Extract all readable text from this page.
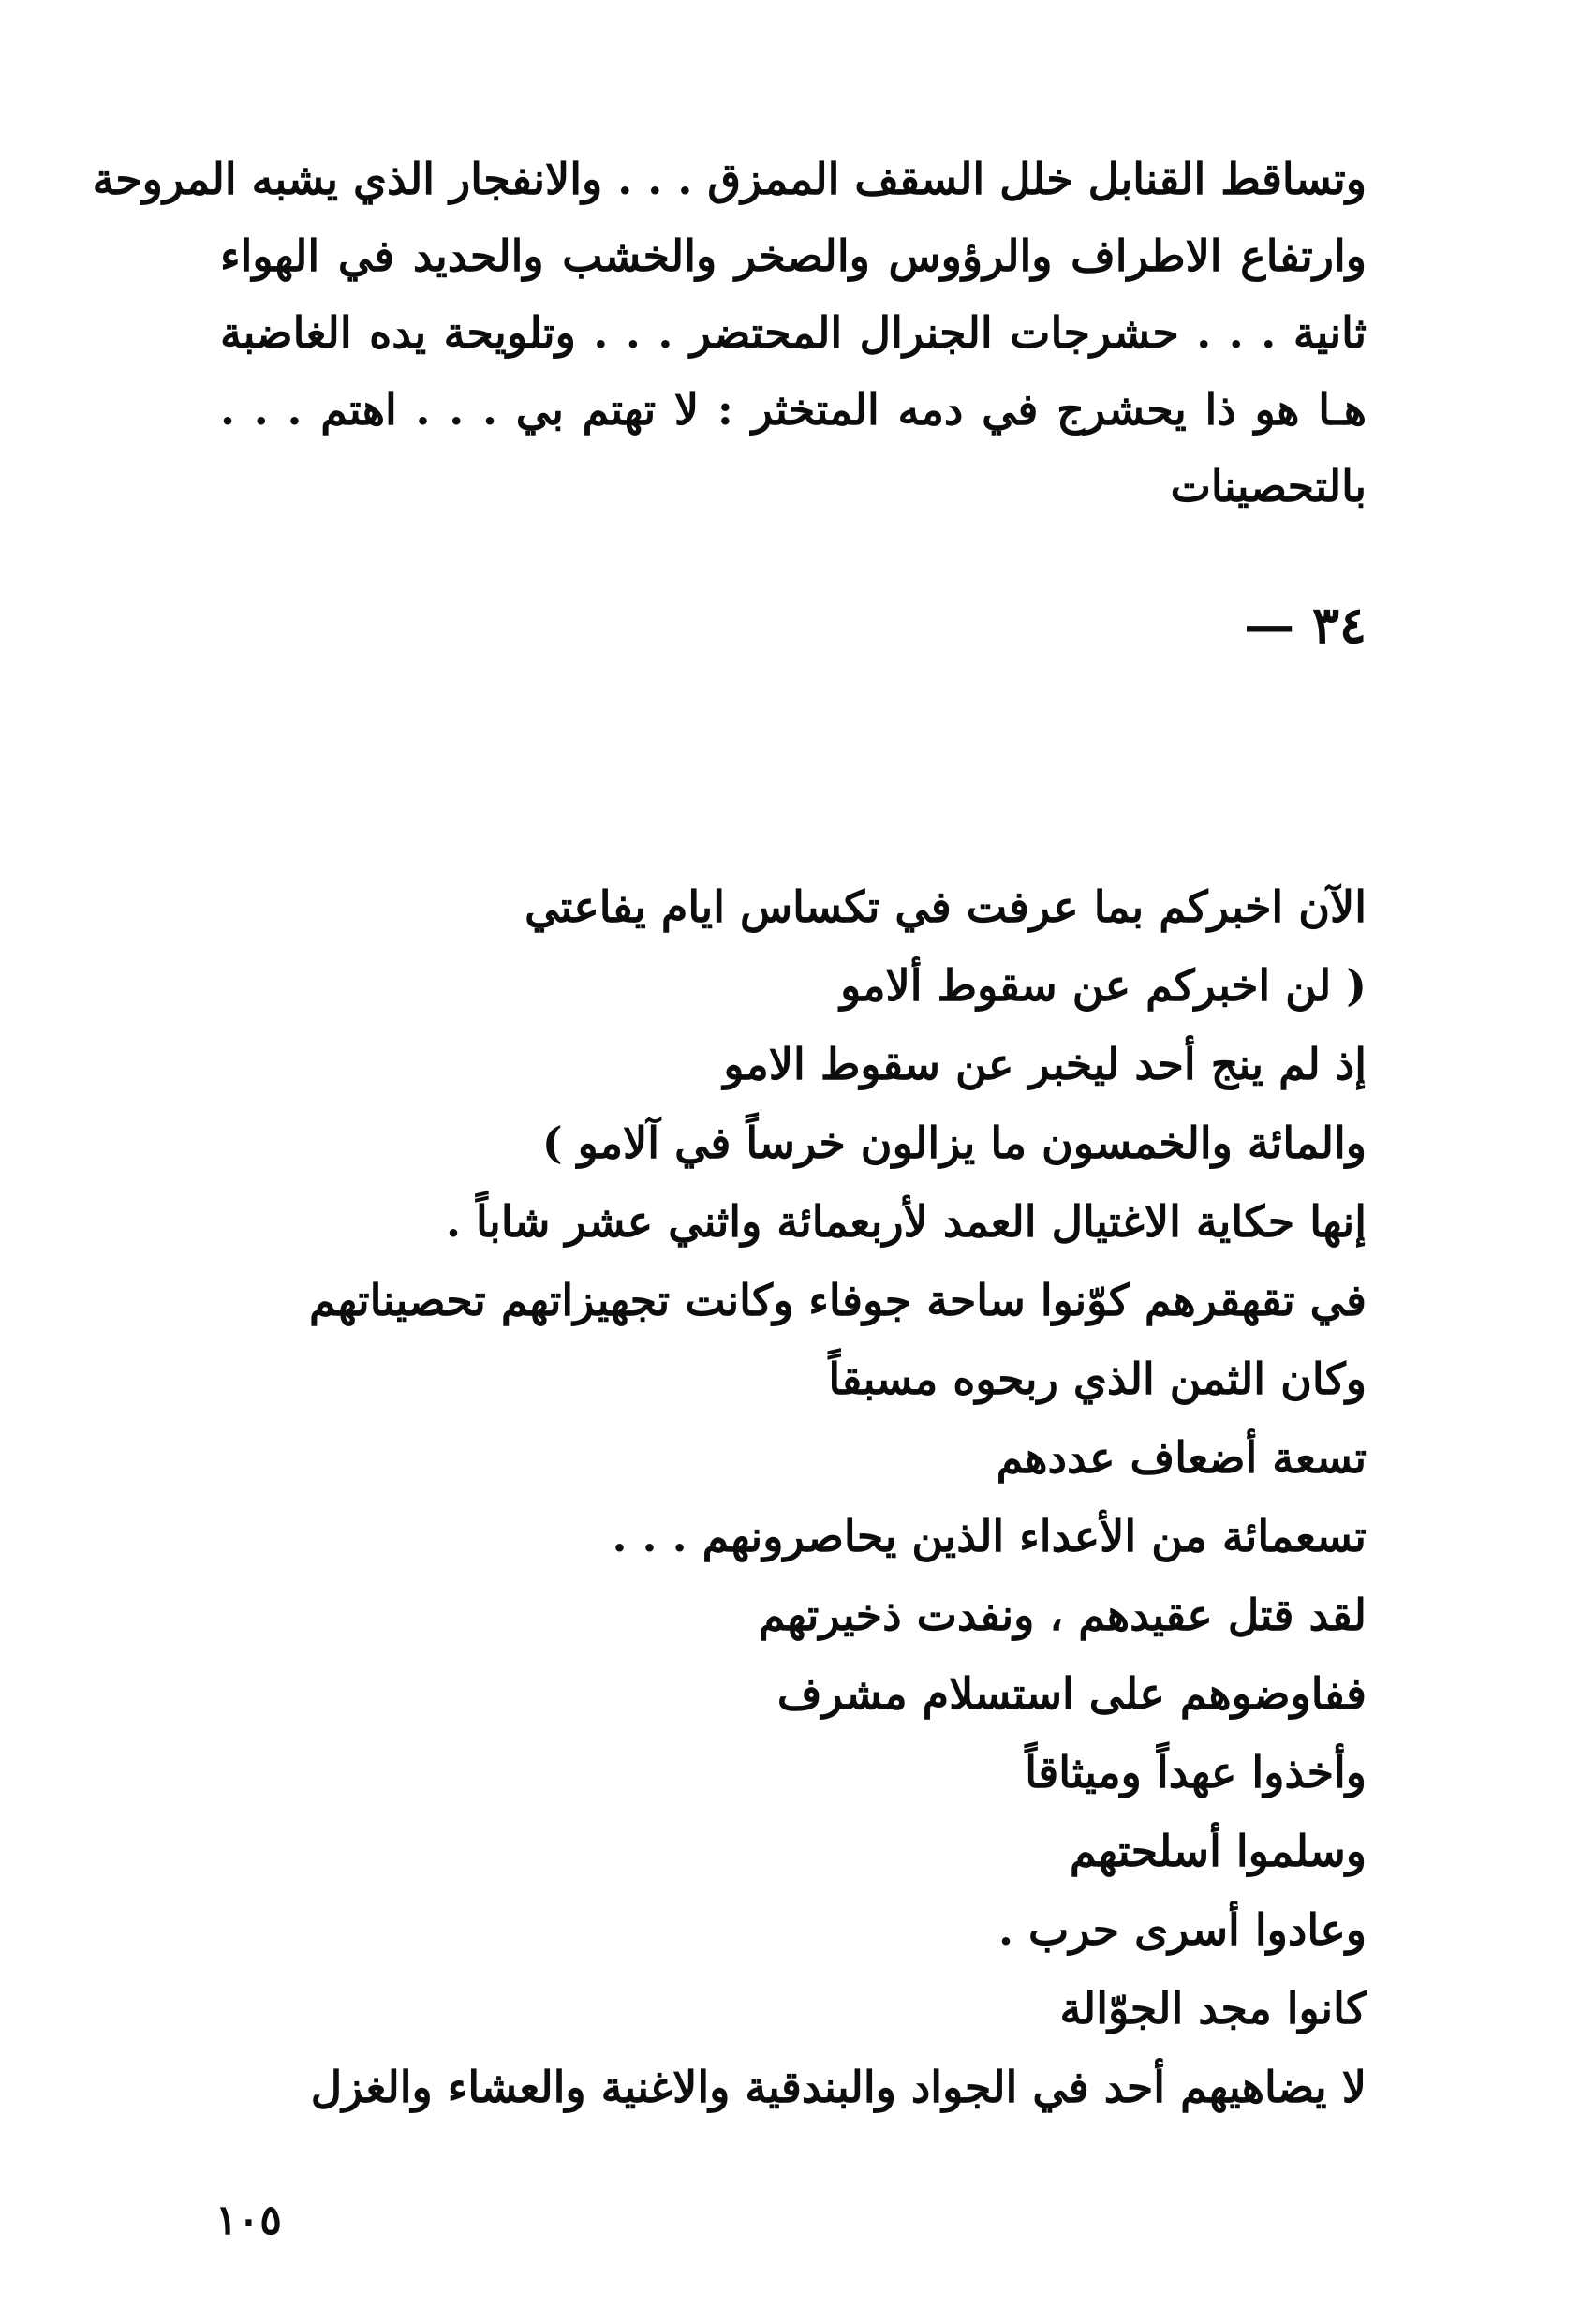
وتساقط القنابل خلل السقف الممزق . . . والانفجار الذي يشبه المروحة
وارتفاع الاطراف والرؤوس والصخر والخشب والحديد في الهواء
ثانية . . . حشرجات الجنرال المحتضر . . . وتلويحة يده الغاضبة
هـا هو ذا يحشرج في دمه المتخثر : لا تهتم بي . . . اهتم . . .
بالتحصينات
٣٤ —
الآن اخبركم بما عرفت في تكساس ايام يفاعتي
( لن اخبركم عن سقوط ألامو
إذ لم ينج أحد ليخبر عن سقوط الامو
والمائة والخمسون ما يزالون خرساً في آلامو )
إنها حكاية الاغتيال العمد لأربعمائة واثني عشر شاباً .
في تقهقرهم كوّنوا ساحة جوفاء وكانت تجهيزاتهم تحصيناتهم
وكان الثمن الذي ربحوه مسبقاً
تسعة أضعاف عددهم
تسعمائة من الأعداء الذين يحاصرونهم . . .
لقد قتل عقيدهم ، ونفدت ذخيرتهم
ففاوضوهم على استسلام مشرف
وأخذوا عهداً وميثاقاً
وسلموا أسلحتهم
وعادوا أسرى حرب .
كانوا مجد الجوّالة
لا يضاهيهم أحد في الجواد والبندقية والاغنية والعشاء والغزل
١٠٥
